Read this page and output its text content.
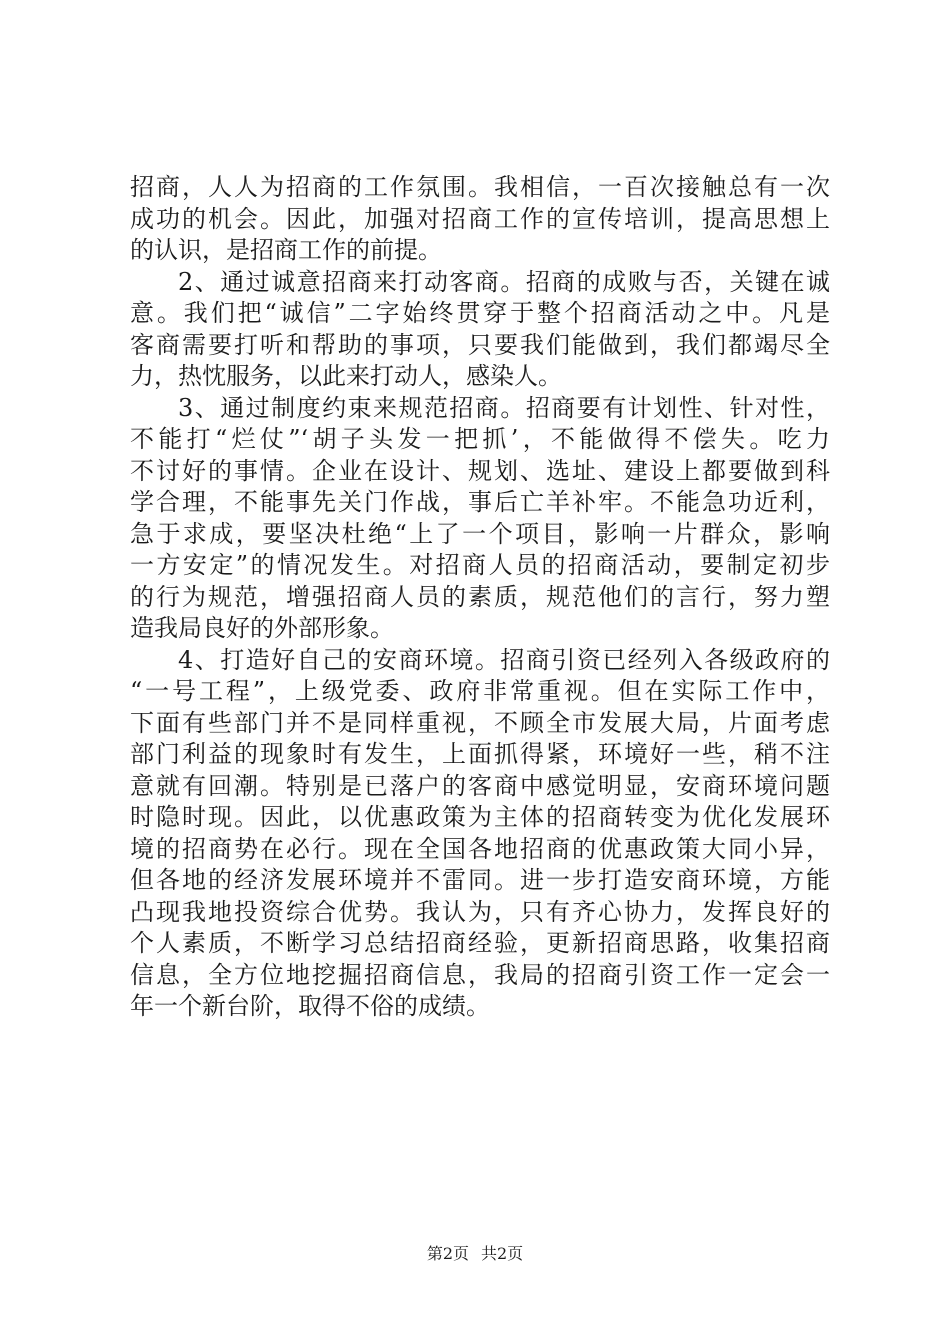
招商，人人为招商的工作氛围。我相信，一百次接触总有一次
成功的机会。因此，加强对招商工作的宣传培训，提高思想上
的认识，是招商工作的前提。
2、通过诚意招商来打动客商。招商的成败与否，关键在诚
意。我们把“诚信”二字始终贯穿于整个招商活动之中。凡是
客商需要打听和帮助的事项，只要我们能做到，我们都竭尽全
力，热忱服务，以此来打动人，感染人。
3、通过制度约束来规范招商。招商要有计划性、针对性，
不能打“烂仗”‘胡子头发一把抓’，不能做得不偿失。吃力
不讨好的事情。企业在设计、规划、选址、建设上都要做到科
学合理，不能事先关门作战，事后亡羊补牢。不能急功近利，
急于求成，要坚决杜绝“上了一个项目，影响一片群众，影响
一方安定”的情况发生。对招商人员的招商活动，要制定初步
的行为规范，增强招商人员的素质，规范他们的言行，努力塑
造我局良好的外部形象。
4、打造好自己的安商环境。招商引资已经列入各级政府的
“一号工程”，上级党委、政府非常重视。但在实际工作中，
下面有些部门并不是同样重视，不顾全市发展大局，片面考虑
部门利益的现象时有发生，上面抓得紧，环境好一些，稍不注
意就有回潮。特别是已落户的客商中感觉明显，安商环境问题
时隐时现。因此，以优惠政策为主体的招商转变为优化发展环
境的招商势在必行。现在全国各地招商的优惠政策大同小异，
但各地的经济发展环境并不雷同。进一步打造安商环境，方能
凸现我地投资综合优势。我认为，只有齐心协力，发挥良好的
个人素质，不断学习总结招商经验，更新招商思路，收集招商
信息，全方位地挖掘招商信息，我局的招商引资工作一定会一
年一个新台阶，取得不俗的成绩。
第2页 共2页
